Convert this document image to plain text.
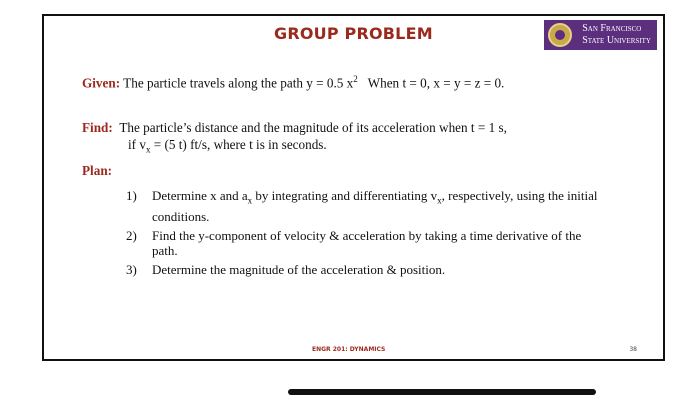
GROUP PROBLEM	San Francisco
State University
Given: The particle travels along the path y = 0.5 $x^2$ When t = 0, x = y = z = 0.
Find: The particle’s distance and the magnitude of its acceleration when t = 1 s,
if $v_x = (5$ t) ft/s, where t is in seconds.
Plan:
1)	Determine x and $a_x$ by integrating and differentiating $v_x$, respectively, using the initial conditions.
2)	Find the y-component of velocity & acceleration by taking a time derivative of the path.
3)	Determine the magnitude of the acceleration & position.
ENGR 201: DYNAMICS	38
